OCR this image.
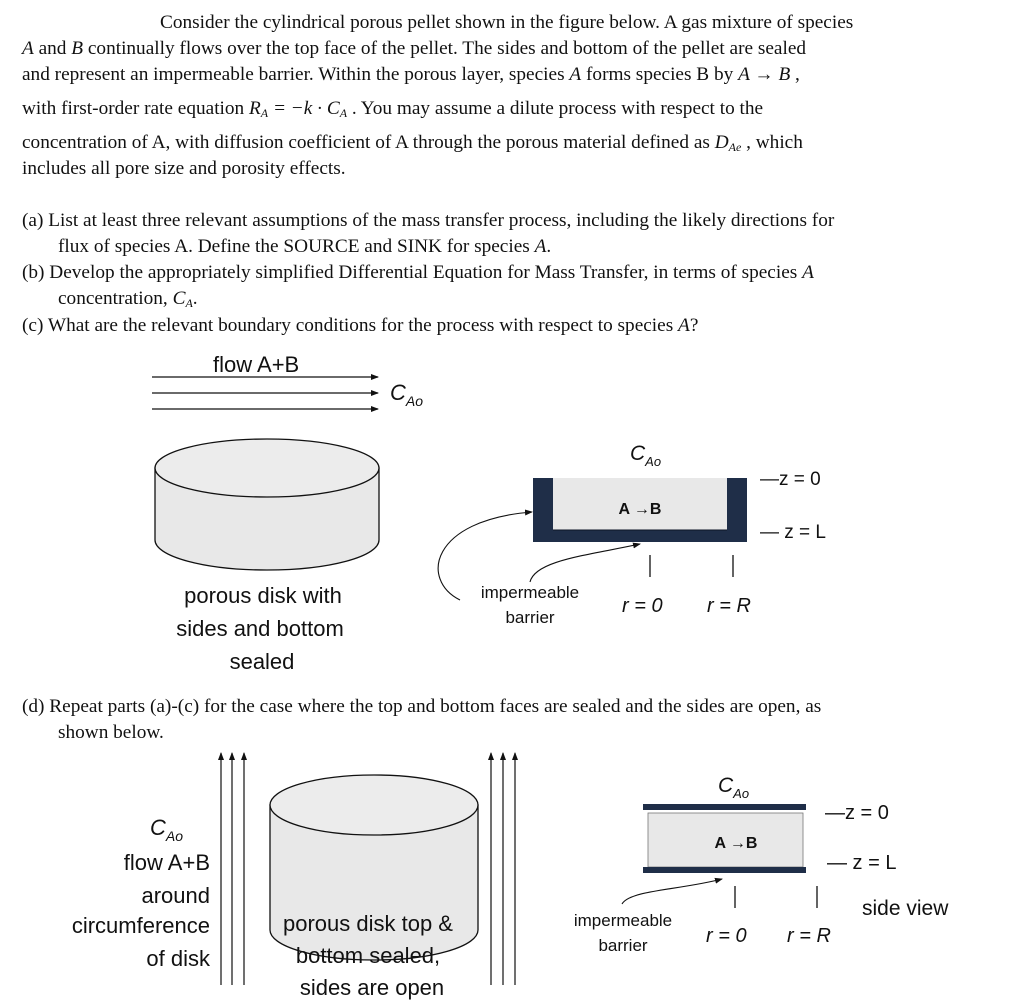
Consider the cylindrical porous pellet shown in the figure below. A gas mixture of species
A and B continually flows over the top face of the pellet. The sides and bottom of the pellet are sealed
and represent an impermeable barrier. Within the porous layer, species A forms species B by A → B ,
with first-order rate equation $R_A = -k \cdot C_A$ . You may assume a dilute process with respect to the
concentration of A, with diffusion coefficient of A through the porous material defined as $D_{Ae}$ , which
includes all pore size and porosity effects.
(a) List at least three relevant assumptions of the mass transfer process, including the likely directions for
flux of species A. Define the SOURCE and SINK for species A.
(b) Develop the appropriately simplified Differential Equation for Mass Transfer, in terms of species A
concentration, $C_A$.
(c) What are the relevant boundary conditions for the process with respect to species A?
(d) Repeat parts (a)-(c) for the case where the top and bottom faces are sealed and the sides are open, as
shown below.
flow A+B
$C_{Ao}$
porous disk with
sides and bottom
sealed
$C_{Ao}$
A →B
—z = 0
— z = L
r = 0 r = R
impermeable
barrier
$C_{Ao}$
flow A+B
around
circumference
of disk
porous disk top &
bottom sealed,
sides are open
$C_{Ao}$
A →B
—z = 0
— z = L
r = 0 r = R
side view
impermeable
barrier
